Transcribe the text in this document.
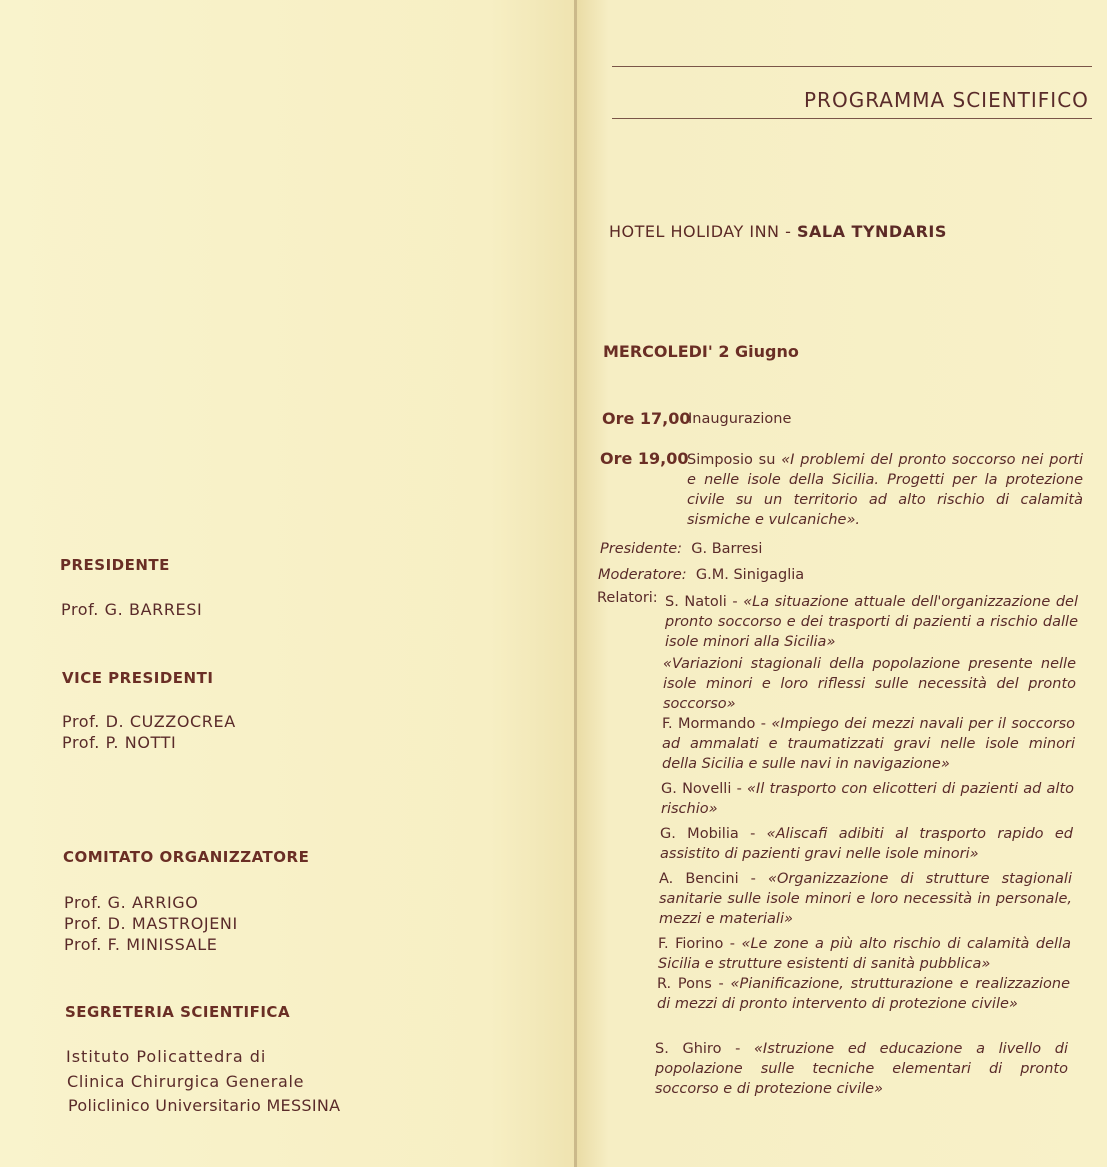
PRESIDENTE
Prof. G. BARRESI
VICE PRESIDENTI
Prof. D. CUZZOCREA
Prof. P. NOTTI
COMITATO ORGANIZZATORE
Prof. G. ARRIGO
Prof. D. MASTROJENI
Prof. F. MINISSALE
SEGRETERIA SCIENTIFICA
Istituto Policattedra di
Clinica Chirurgica Generale
Policlinico Universitario MESSINA
PROGRAMMA SCIENTIFICO
HOTEL HOLIDAY INN - SALA TYNDARIS
MERCOLEDI' 2 Giugno
Ore 17,00
Inaugurazione
Ore 19,00
Simposio su «I problemi del pronto soccorso nei porti e nelle isole della Sicilia. Progetti per la protezione civile su un territorio ad alto rischio di calamità sismiche e vulcaniche».
Presidente: G. Barresi
Moderatore: G.M. Sinigaglia
Relatori: S. Natoli - «La situazione attuale dell'organizzazione del pronto soccorso e dei trasporti di pazienti a rischio dalle isole minori alla Sicilia»
«Variazioni stagionali della popolazione presente nelle isole minori e loro riflessi sulle necessità del pronto soccorso»
F. Mormando - «Impiego dei mezzi navali per il soccorso ad ammalati e traumatizzati gravi nelle isole minori della Sicilia e sulle navi in navigazione»
G. Novelli - «Il trasporto con elicotteri di pazienti ad alto rischio»
G. Mobilia - «Aliscafi adibiti al trasporto rapido ed assistito di pazienti gravi nelle isole minori»
A. Bencini - «Organizzazione di strutture stagionali sanitarie sulle isole minori e loro necessità in personale, mezzi e materiali»
F. Fiorino - «Le zone a più alto rischio di calamità della Sicilia e strutture esistenti di sanità pubblica»
R. Pons - «Pianificazione, strutturazione e realizzazione di mezzi di pronto intervento di protezione civile»
S. Ghiro - «Istruzione ed educazione a livello di popolazione sulle tecniche elementari di pronto soccorso e di protezione civile»
